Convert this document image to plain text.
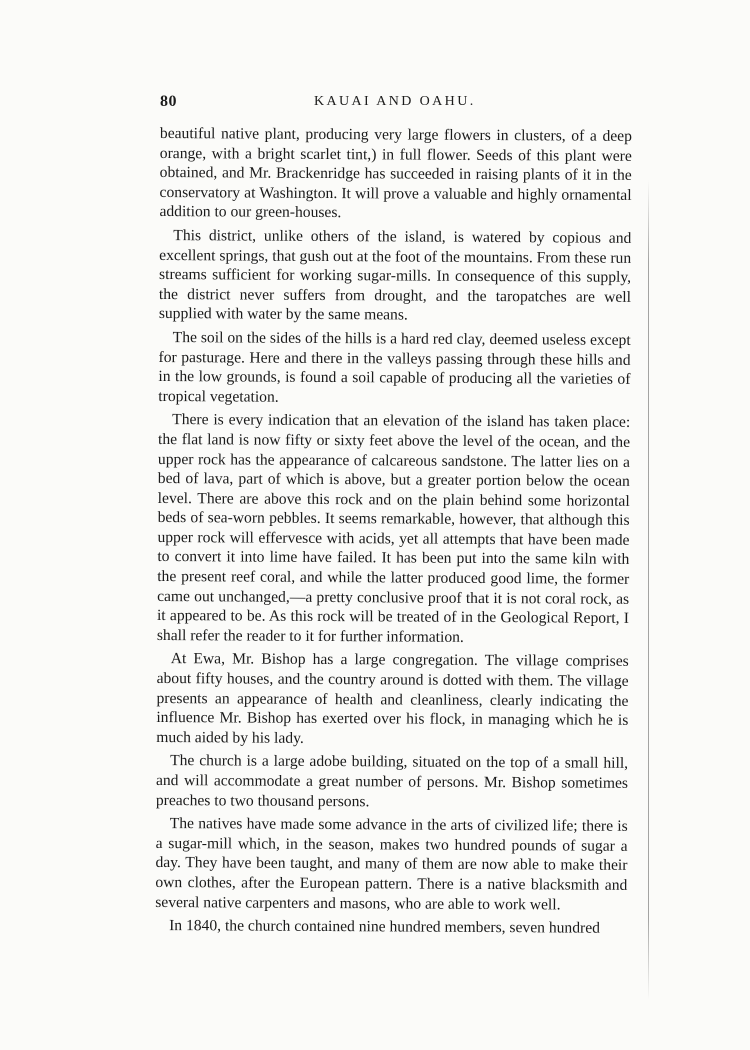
80	KAUAI AND OAHU.

beautiful native plant, producing very large flowers in clusters, of a deep orange, with a bright scarlet tint,) in full flower. Seeds of this plant were obtained, and Mr. Brackenridge has succeeded in raising plants of it in the conservatory at Washington. It will prove a valuable and highly ornamental addition to our green-houses.

This district, unlike others of the island, is watered by copious and excellent springs, that gush out at the foot of the mountains. From these run streams sufficient for working sugar-mills. In consequence of this supply, the district never suffers from drought, and the taropatches are well supplied with water by the same means.

The soil on the sides of the hills is a hard red clay, deemed useless except for pasturage. Here and there in the valleys passing through these hills and in the low grounds, is found a soil capable of producing all the varieties of tropical vegetation.

There is every indication that an elevation of the island has taken place: the flat land is now fifty or sixty feet above the level of the ocean, and the upper rock has the appearance of calcareous sandstone. The latter lies on a bed of lava, part of which is above, but a greater portion below the ocean level. There are above this rock and on the plain behind some horizontal beds of sea-worn pebbles. It seems remarkable, however, that although this upper rock will effervesce with acids, yet all attempts that have been made to convert it into lime have failed. It has been put into the same kiln with the present reef coral, and while the latter produced good lime, the former came out unchanged,—a pretty conclusive proof that it is not coral rock, as it appeared to be. As this rock will be treated of in the Geological Report, I shall refer the reader to it for further information.

At Ewa, Mr. Bishop has a large congregation. The village comprises about fifty houses, and the country around is dotted with them. The village presents an appearance of health and cleanliness, clearly indicating the influence Mr. Bishop has exerted over his flock, in managing which he is much aided by his lady.

The church is a large adobe building, situated on the top of a small hill, and will accommodate a great number of persons. Mr. Bishop sometimes preaches to two thousand persons.

The natives have made some advance in the arts of civilized life; there is a sugar-mill which, in the season, makes two hundred pounds of sugar a day. They have been taught, and many of them are now able to make their own clothes, after the European pattern. There is a native blacksmith and several native carpenters and masons, who are able to work well.

In 1840, the church contained nine hundred members, seven hundred
